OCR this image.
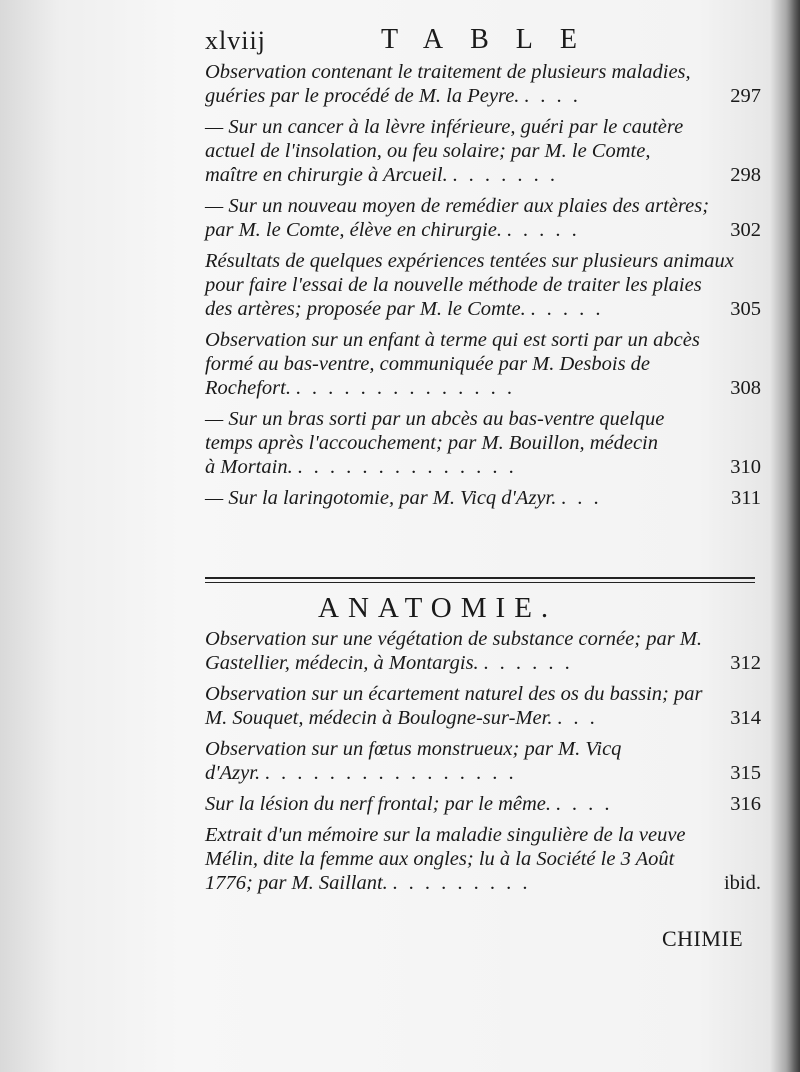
xlviij	TABLE
Observation contenant le traitement de plusieurs maladies,
297
guéries par le procédé de M. la Peyre. . . . .
— Sur un cancer à la lèvre inférieure, guéri par le cautère
actuel de l'insolation, ou feu solaire; par M. le Comte,
298
maître en chirurgie à Arcueil. . . . . . . .
— Sur un nouveau moyen de remédier aux plaies des artères;
302
par M. le Comte, élève en chirurgie. . . . . .
Résultats de quelques expériences tentées sur plusieurs animaux
pour faire l'essai de la nouvelle méthode de traiter les plaies
305
des artères; proposée par M. le Comte. . . . . .
Observation sur un enfant à terme qui est sorti par un abcès
formé au bas-ventre, communiquée par M. Desbois de
308
Rochefort. . . . . . . . . . . . . . .
— Sur un bras sorti par un abcès au bas-ventre quelque
temps après l'accouchement; par M. Bouillon, médecin
310
à Mortain. . . . . . . . . . . . . . .
311
— Sur la laringotomie, par M. Vicq d'Azyr. . . .
ANATOMIE.
Observation sur une végétation de substance cornée; par M.
312
Gastellier, médecin, à Montargis. . . . . . .
Observation sur un écartement naturel des os du bassin; par
314
M. Souquet, médecin à Boulogne-sur-Mer. . . .
Observation sur un fœtus monstrueux; par M. Vicq
315
d'Azyr. . . . . . . . . . . . . . . . .
316
Sur la lésion du nerf frontal; par le même. . . . .
Extrait d'un mémoire sur la maladie singulière de la veuve
Mélin, dite la femme aux ongles; lu à la Société le 3 Août
ibid.
1776; par M. Saillant. . . . . . . . . .
CHIMIE
